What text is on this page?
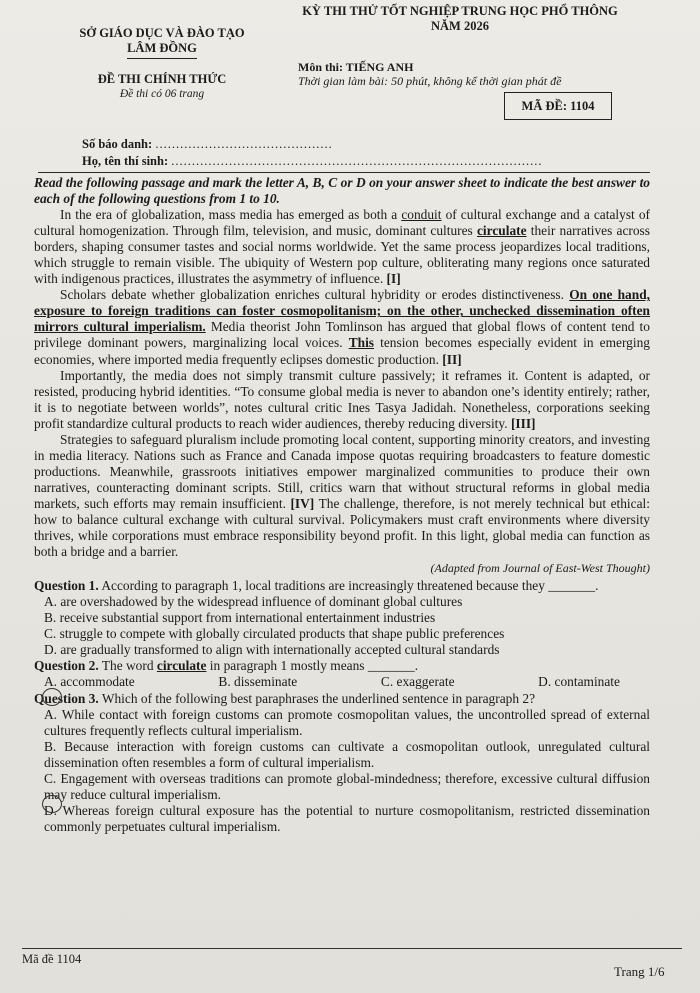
SỞ GIÁO DỤC VÀ ĐÀO TẠO
LÂM ĐỒNG
KỲ THI THỬ TỐT NGHIỆP TRUNG HỌC PHỔ THÔNG
NĂM 2026
ĐỀ THI CHÍNH THỨC
Đề thi có 06 trang
Môn thi: TIẾNG ANH
Thời gian làm bài: 50 phút, không kể thời gian phát đề
MÃ ĐỀ: 1104
Số báo danh: ...........................................
Họ, tên thí sinh: ..........................................................................................

Read the following passage and mark the letter A, B, C or D on your answer sheet to indicate the best answer to each of the following questions from 1 to 10.

In the era of globalization, mass media has emerged as both a conduit of cultural exchange and a catalyst of cultural homogenization. Through film, television, and music, dominant cultures circulate their narratives across borders, shaping consumer tastes and social norms worldwide. Yet the same process jeopardizes local traditions, which struggle to remain visible. The ubiquity of Western pop culture, obliterating many regions once saturated with indigenous practices, illustrates the asymmetry of influence. [I]

Scholars debate whether globalization enriches cultural hybridity or erodes distinctiveness. On one hand, exposure to foreign traditions can foster cosmopolitanism; on the other, unchecked dissemination often mirrors cultural imperialism. Media theorist John Tomlinson has argued that global flows of content tend to privilege dominant powers, marginalizing local voices. This tension becomes especially evident in emerging economies, where imported media frequently eclipses domestic production. [II]

Importantly, the media does not simply transmit culture passively; it reframes it. Content is adapted, or resisted, producing hybrid identities. “To consume global media is never to abandon one’s identity entirely; rather, it is to negotiate between worlds”, notes cultural critic Ines Tasya Jadidah. Nonetheless, corporations seeking profit standardize cultural products to reach wider audiences, thereby reducing diversity. [III]

Strategies to safeguard pluralism include promoting local content, supporting minority creators, and investing in media literacy. Nations such as France and Canada impose quotas requiring broadcasters to feature domestic productions. Meanwhile, grassroots initiatives empower marginalized communities to produce their own narratives, counteracting dominant scripts. Still, critics warn that without structural reforms in global media markets, such efforts may remain insufficient. [IV] The challenge, therefore, is not merely technical but ethical: how to balance cultural exchange with cultural survival. Policymakers must craft environments where diversity thrives, while corporations must embrace responsibility beyond profit. In this light, global media can function as both a bridge and a barrier.

(Adapted from Journal of East-West Thought)

Question 1. According to paragraph 1, local traditions are increasingly threatened because they _______.

A. are overshadowed by the widespread influence of dominant global cultures

B. receive substantial support from international entertainment industries

C. struggle to compete with globally circulated products that shape public preferences

D. are gradually transformed to align with internationally accepted cultural standards

Question 2. The word circulate in paragraph 1 mostly means _______.

A. accommodate	B. disseminate	C. exaggerate	D. contaminate

Question 3. Which of the following best paraphrases the underlined sentence in paragraph 2?

A. While contact with foreign customs can promote cosmopolitan values, the uncontrolled spread of external cultures frequently reflects cultural imperialism.

B. Because interaction with foreign customs can cultivate a cosmopolitan outlook, unregulated cultural dissemination often resembles a form of cultural imperialism.

C. Engagement with overseas traditions can promote global-mindedness; therefore, excessive cultural diffusion may reduce cultural imperialism.

D. Whereas foreign cultural exposure has the potential to nurture cosmopolitanism, restricted dissemination commonly perpetuates cultural imperialism.

Mã đề 1104
Trang 1/6
